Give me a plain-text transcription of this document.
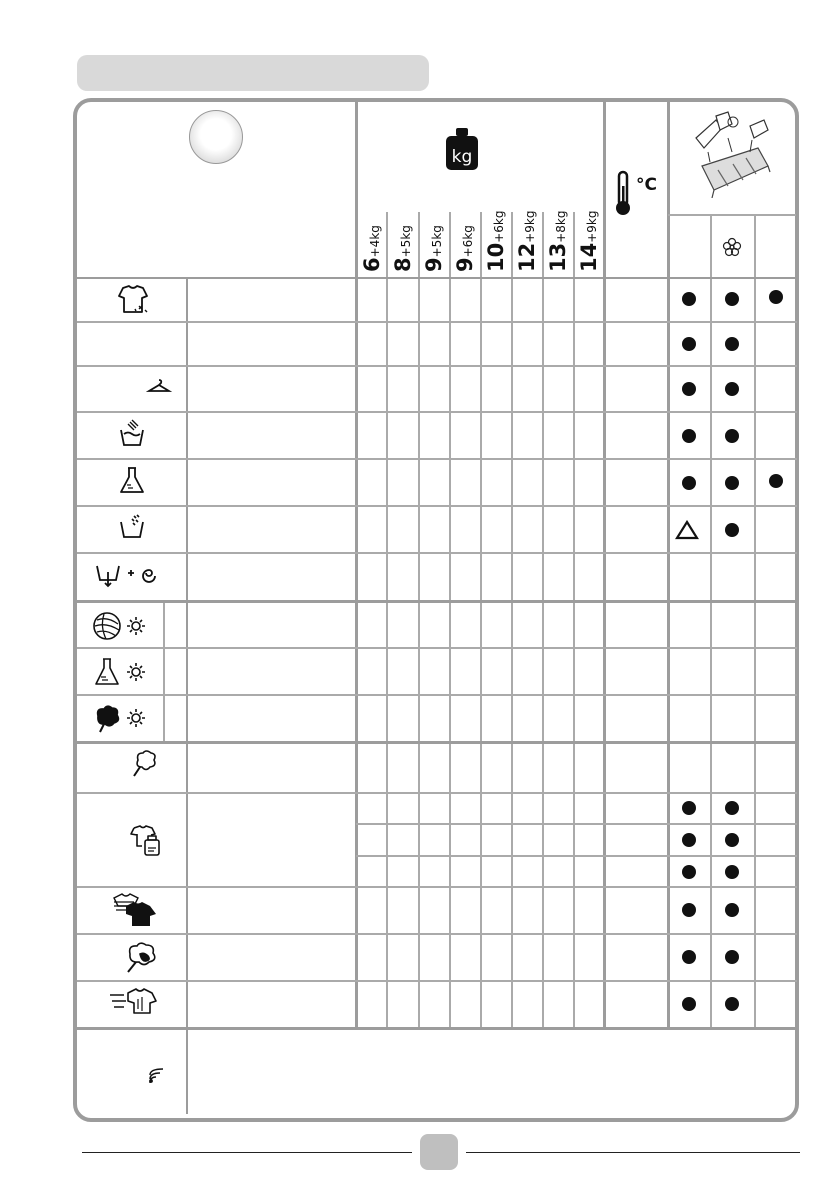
kg
°C
6+4kg
8+5kg
9+5kg
9+6kg
10+6kg
12+9kg
13+8kg
14+9kg
